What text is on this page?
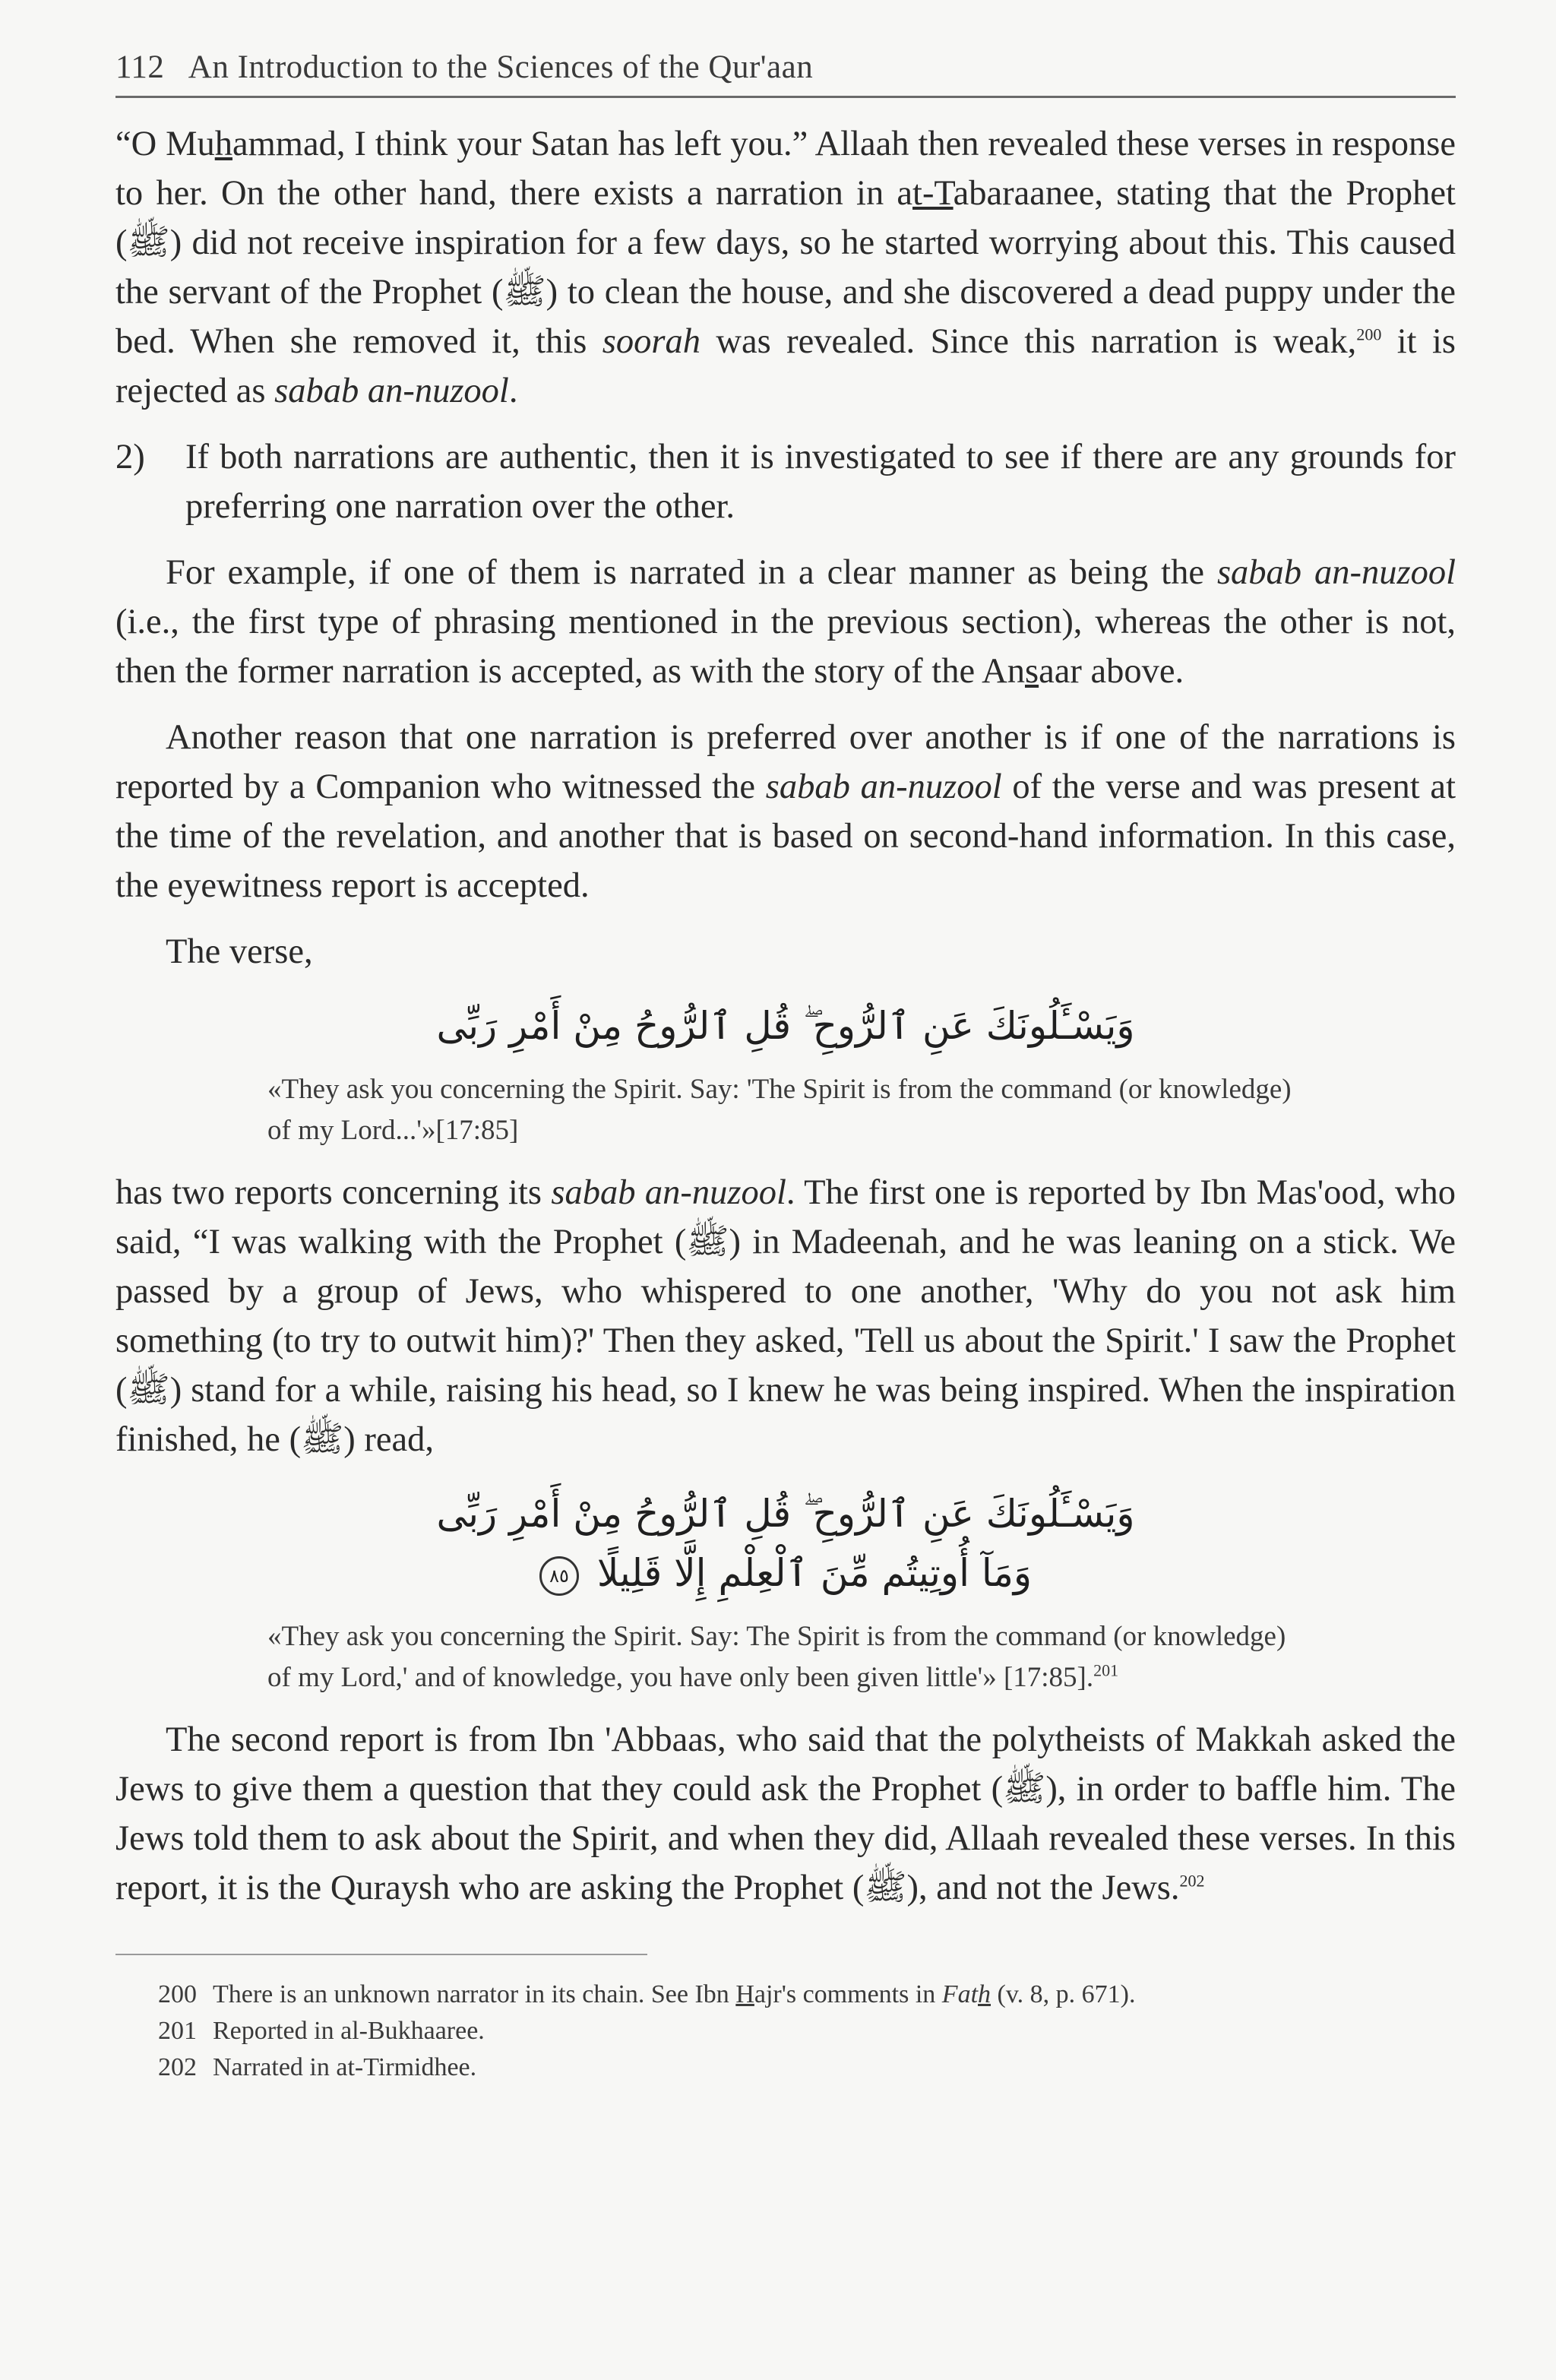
112 An Introduction to the Sciences of the Qur'aan
“O Muhammad, I think your Satan has left you.” Allaah then revealed these verses in response to her. On the other hand, there exists a narration in at-Tabaraanee, stating that the Prophet (ﷺ) did not receive inspiration for a few days, so he started worrying about this. This caused the servant of the Prophet (ﷺ) to clean the house, and she discovered a dead puppy under the bed. When she removed it, this soorah was revealed. Since this narration is weak,$^{200}$ it is rejected as sabab an-nuzool.
2)	If both narrations are authentic, then it is investigated to see if there are any grounds for preferring one narration over the other.
For example, if one of them is narrated in a clear manner as being the sabab an-nuzool (i.e., the first type of phrasing mentioned in the previous section), whereas the other is not, then the former narration is accepted, as with the story of the Ansaar above.
Another reason that one narration is preferred over another is if one of the narrations is reported by a Companion who witnessed the sabab an-nuzool of the verse and was present at the time of the revelation, and another that is based on second-hand information. In this case, the eyewitness report is accepted.
The verse,
وَيَسْـَٔلُونَكَ عَنِ ٱلرُّوحِ ۖ قُلِ ٱلرُّوحُ مِنْ أَمْرِ رَبِّى
«They ask you concerning the Spirit. Say: 'The Spirit is from the command (or knowledge) of my Lord...'»[17:85]
has two reports concerning its sabab an-nuzool. The first one is reported by Ibn Mas'ood, who said, “I was walking with the Prophet (ﷺ) in Madeenah, and he was leaning on a stick. We passed by a group of Jews, who whispered to one another, 'Why do you not ask him something (to try to outwit him)?' Then they asked, 'Tell us about the Spirit.' I saw the Prophet (ﷺ) stand for a while, raising his head, so I knew he was being inspired. When the inspiration finished, he (ﷺ) read,
وَيَسْـَٔلُونَكَ عَنِ ٱلرُّوحِ ۖ قُلِ ٱلرُّوحُ مِنْ أَمْرِ رَبِّى
وَمَآ أُوتِيتُم مِّنَ ٱلْعِلْمِ إِلَّا قَلِيلًا ٨٥
«They ask you concerning the Spirit. Say: The Spirit is from the command (or knowledge) of my Lord,' and of knowledge, you have only been given little'» [17:85].$^{201}$
The second report is from Ibn 'Abbaas, who said that the polytheists of Makkah asked the Jews to give them a question that they could ask the Prophet (ﷺ), in order to baffle him. The Jews told them to ask about the Spirit, and when they did, Allaah revealed these verses. In this report, it is the Quraysh who are asking the Prophet (ﷺ), and not the Jews.$^{202}$
200 There is an unknown narrator in its chain. See Ibn Hajr's comments in Fath (v. 8, p. 671).
201 Reported in al-Bukhaaree.
202 Narrated in at-Tirmidhee.
